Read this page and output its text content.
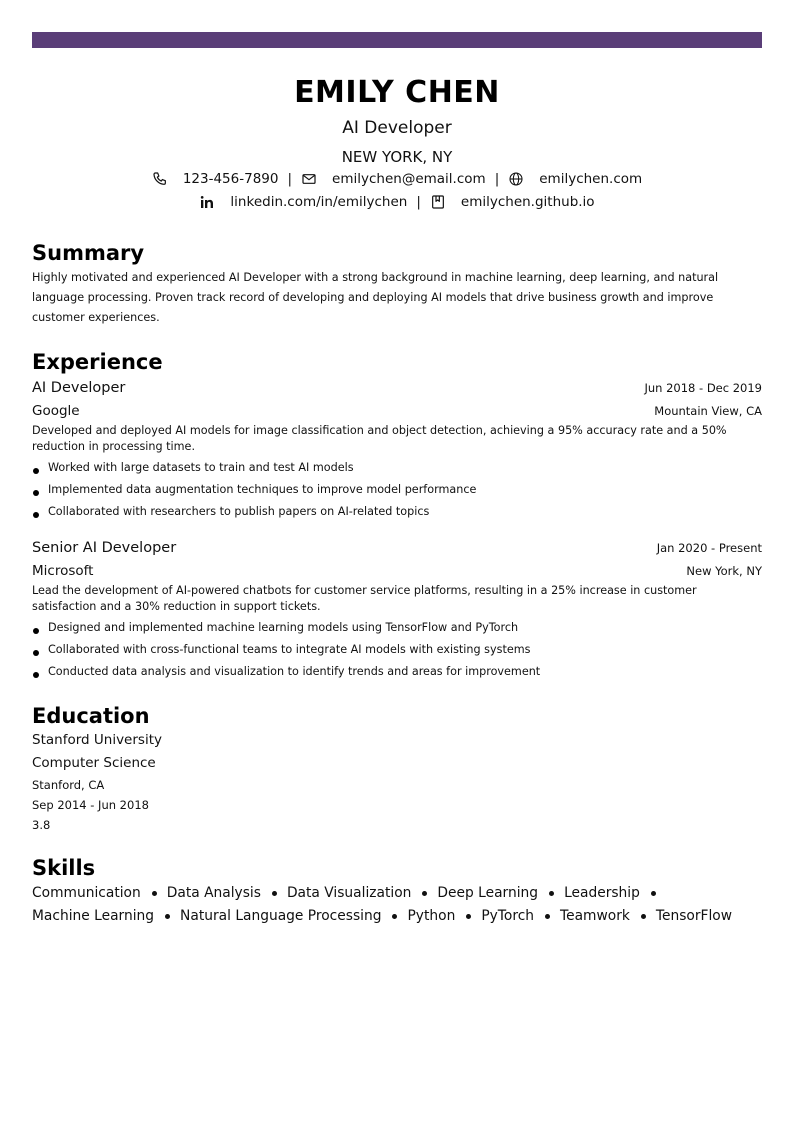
EMILY CHEN
AI Developer
NEW YORK, NY
123-456-7890 |	emilychen@email.com |	emilychen.com
linkedin.com/in/emilychen |	emilychen.github.io
Summary
Highly motivated and experienced AI Developer with a strong background in machine learning, deep learning, and natural language processing. Proven track record of developing and deploying AI models that drive business growth and improve customer experiences.
Experience
AI Developer	Jun 2018 - Dec 2019
Google	Mountain View, CA
Developed and deployed AI models for image classification and object detection, achieving a 95% accuracy rate and a 50% reduction in processing time.
Worked with large datasets to train and test AI models
Implemented data augmentation techniques to improve model performance
Collaborated with researchers to publish papers on AI-related topics
Senior AI Developer	Jan 2020 - Present
Microsoft	New York, NY
Lead the development of AI-powered chatbots for customer service platforms, resulting in a 25% increase in customer satisfaction and a 30% reduction in support tickets.
Designed and implemented machine learning models using TensorFlow and PyTorch
Collaborated with cross-functional teams to integrate AI models with existing systems
Conducted data analysis and visualization to identify trends and areas for improvement
Education
Stanford University
Computer Science
Stanford, CA
Sep 2014 - Jun 2018
3.8
Skills
Communication Data Analysis Data Visualization Deep Learning Leadership
Machine Learning Natural Language Processing Python PyTorch Teamwork TensorFlow
